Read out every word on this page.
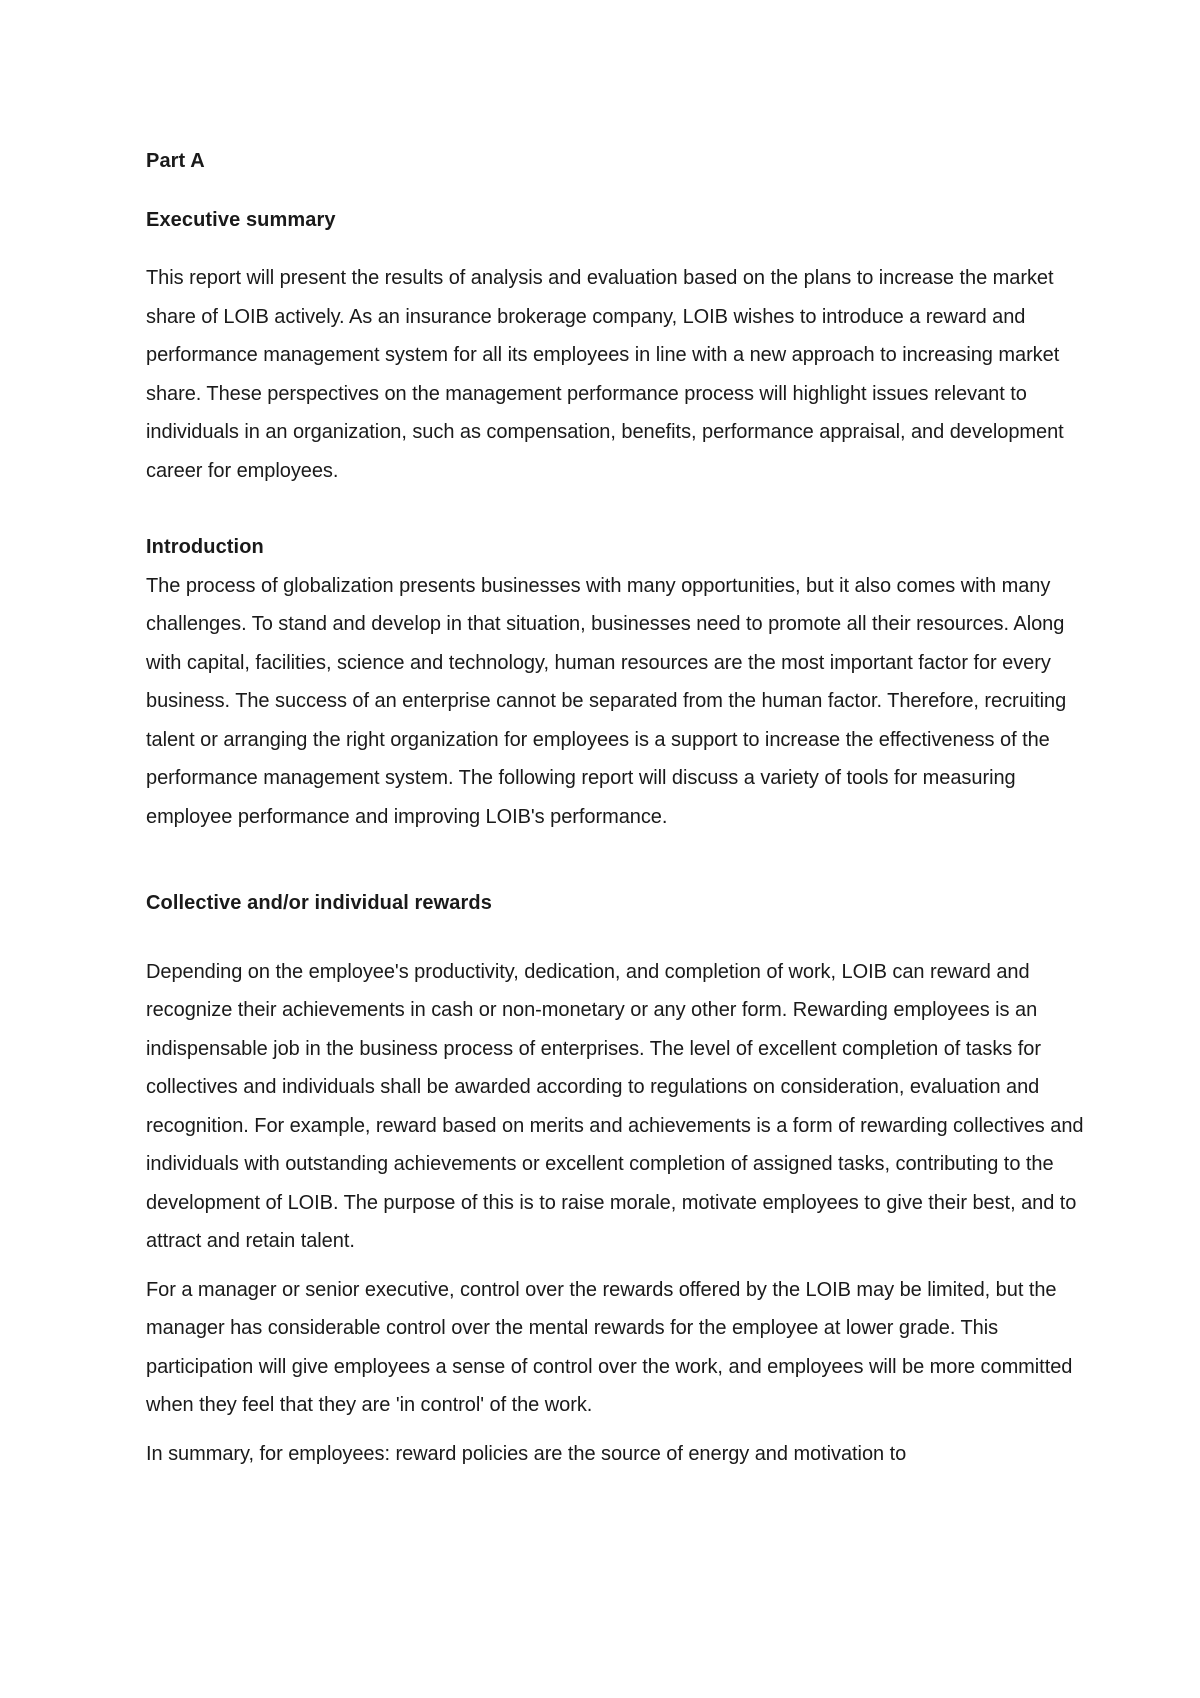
Part A

Executive summary

This report will present the results of analysis and evaluation based on the plans to increase the market share of LOIB actively. As an insurance brokerage company, LOIB wishes to introduce a reward and performance management system for all its employees in line with a new approach to increasing market share. These perspectives on the management performance process will highlight issues relevant to individuals in an organization, such as compensation, benefits, performance appraisal, and development career for employees.

Introduction

The process of globalization presents businesses with many opportunities, but it also comes with many challenges. To stand and develop in that situation, businesses need to promote all their resources. Along with capital, facilities, science and technology, human resources are the most important factor for every business. The success of an enterprise cannot be separated from the human factor. Therefore, recruiting talent or arranging the right organization for employees is a support to increase the effectiveness of the performance management system. The following report will discuss a variety of tools for measuring employee performance and improving LOIB's performance.

Collective and/or individual rewards

Depending on the employee's productivity, dedication, and completion of work, LOIB can reward and recognize their achievements in cash or non-monetary or any other form. Rewarding employees is an indispensable job in the business process of enterprises. The level of excellent completion of tasks for collectives and individuals shall be awarded according to regulations on consideration, evaluation and recognition. For example, reward based on merits and achievements is a form of rewarding collectives and individuals with outstanding achievements or excellent completion of assigned tasks, contributing to the development of LOIB. The purpose of this is to raise morale, motivate employees to give their best, and to attract and retain talent.

For a manager or senior executive, control over the rewards offered by the LOIB may be limited, but the manager has considerable control over the mental rewards for the employee at lower grade. This participation will give employees a sense of control over the work, and employees will be more committed when they feel that they are 'in control' of the work.

In summary, for employees: reward policies are the source of energy and motivation to
